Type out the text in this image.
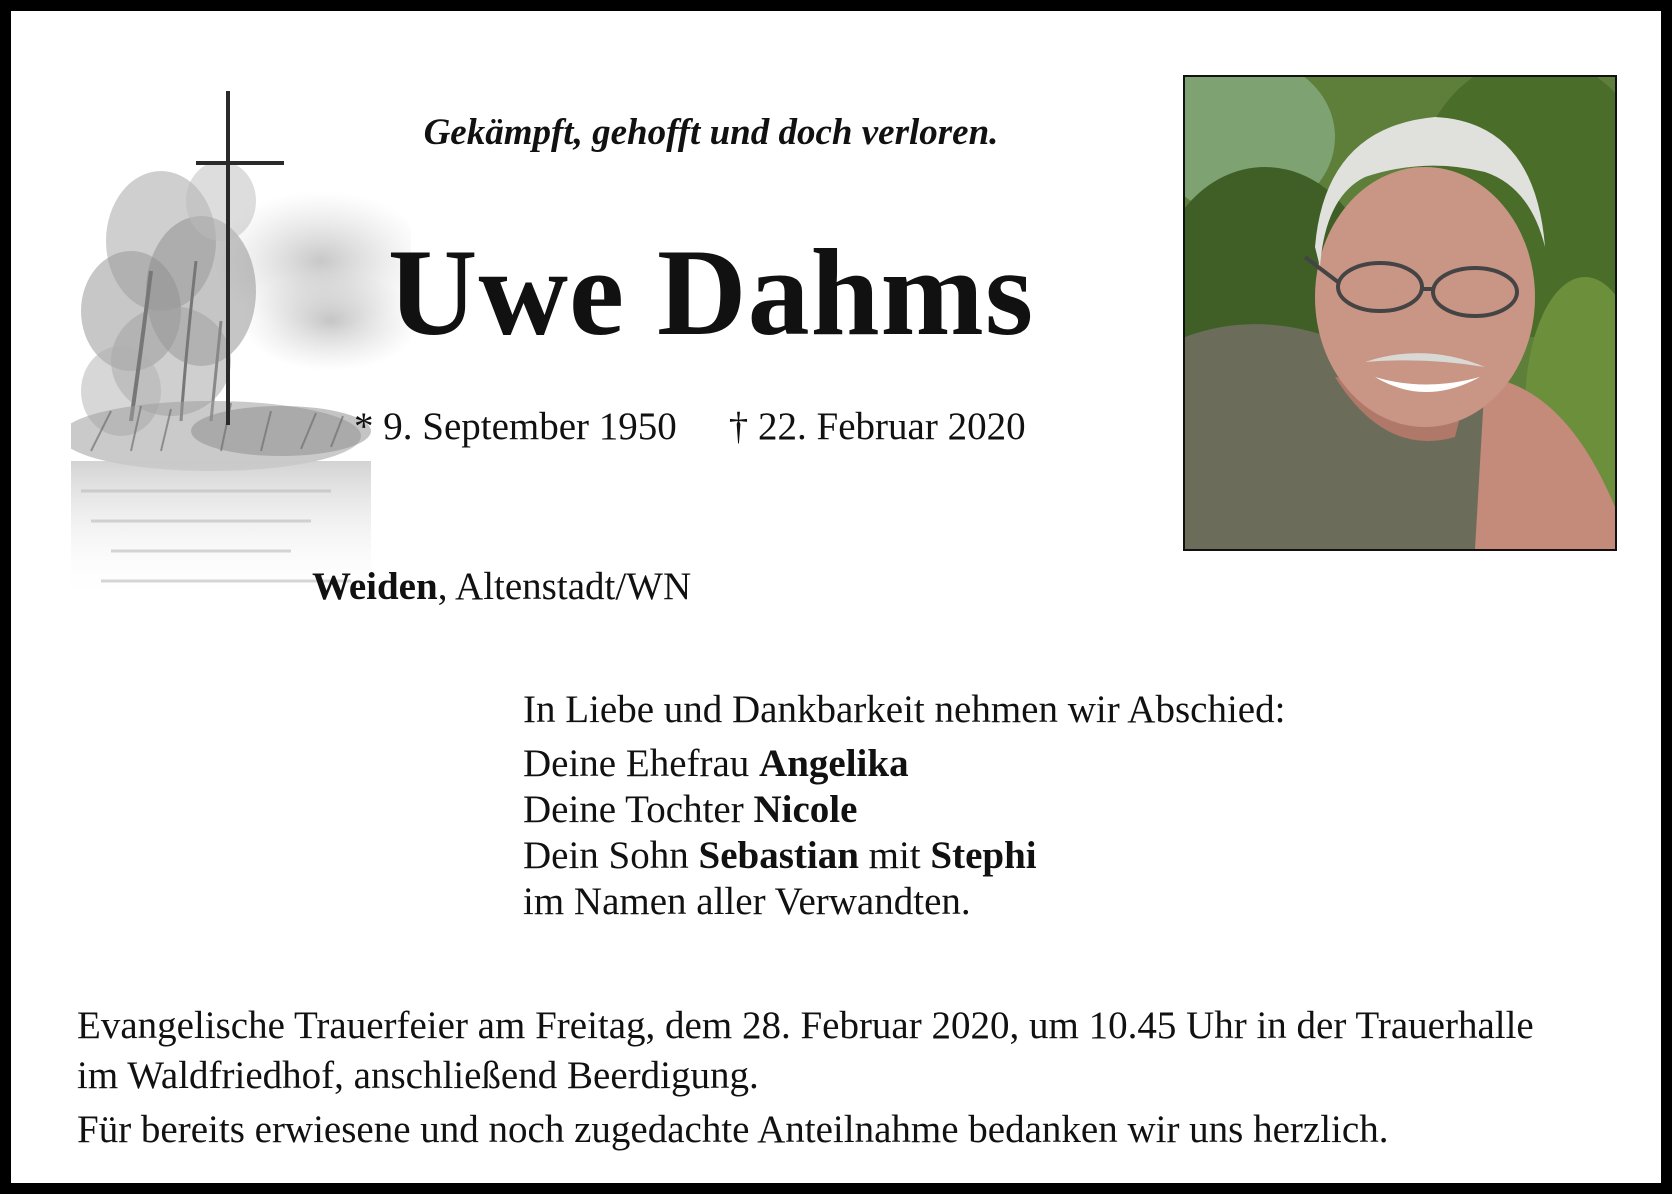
Gekämpft, gehofft und doch verloren.
Uwe Dahms
* 9. September 1950 † 22. Februar 2020
Weiden, Altenstadt/WN
In Liebe und Dankbarkeit nehmen wir Abschied:
Deine Ehefrau Angelika
Deine Tochter Nicole
Dein Sohn Sebastian mit Stephi
im Namen aller Verwandten.
Evangelische Trauerfeier am Freitag, dem 28. Februar 2020, um 10.45 Uhr in der Trauerhalle im Waldfriedhof, anschließend Beerdigung.
Für bereits erwiesene und noch zugedachte Anteilnahme bedanken wir uns herzlich.
